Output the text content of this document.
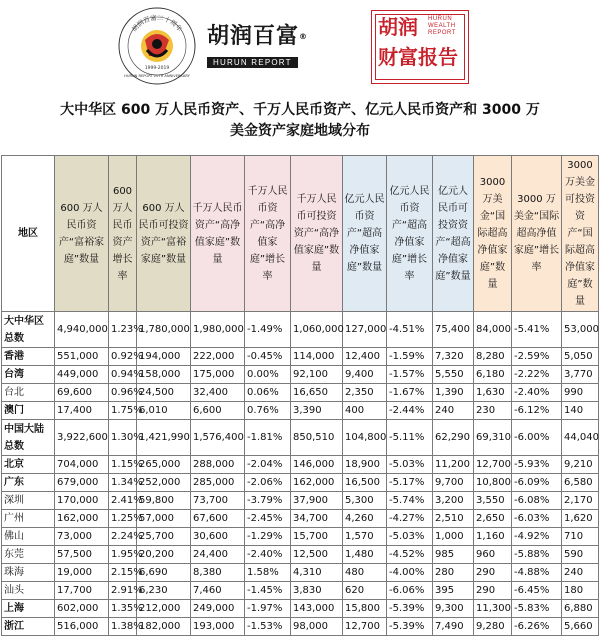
胡润百富二十周年
1999-2019
HURUN REPORT 20TH ANNIVERSARY
胡润百富®
HURUN REPORT
胡润 HURUN WEALTH REPORT
财富报告
大中华区 600 万人民币资产、千万人民币资产、亿元人民币资产和 3000 万美金资产家庭地域分布
地区	600 万人民币资产“富裕家庭”数量	600 万人民币资产增长率	600 万人民币可投资资产“富裕家庭”数量	千万人民币资产“高净值家庭”数量	千万人民币资产“高净值家庭”增长率	千万人民币可投资资产“高净值家庭”数量	亿元人民币资产“超高净值家庭”数量	亿元人民币资产“超高净值家庭”增长率	亿元人民币可投资资产“超高净值家庭”数量	3000 万美金“国际超高净值家庭”数量	3000 万美金“国际超高净值家庭”增长率	3000 万美金可投资资产“国际超高净值家庭”数量
大中华区总数	4,940,000	1.23%	1,780,000	1,980,000	-1.49%	1,060,000	127,000	-4.51%	75,400	84,000	-5.41%	53,000
香港	551,000	0.92%	194,000	222,000	-0.45%	114,000	12,400	-1.59%	7,320	8,280	-2.59%	5,050
台湾	449,000	0.94%	158,000	175,000	0.00%	92,100	9,400	-1.57%	5,550	6,180	-2.22%	3,770
台北	69,600	0.96%	24,500	32,400	0.06%	16,650	2,350	-1.67%	1,390	1,630	-2.40%	990
澳门	17,400	1.75%	6,010	6,600	0.76%	3,390	400	-2.44%	240	230	-6.12%	140
中国大陆总数	3,922,600	1.30%	1,421,990	1,576,400	-1.81%	850,510	104,800	-5.11%	62,290	69,310	-6.00%	44,040
北京	704,000	1.15%	265,000	288,000	-2.04%	146,000	18,900	-5.03%	11,200	12,700	-5.93%	9,210
广东	679,000	1.34%	252,000	285,000	-2.06%	162,000	16,500	-5.17%	9,700	10,800	-6.09%	6,580
深圳	170,000	2.41%	59,800	73,700	-3.79%	37,900	5,300	-5.74%	3,200	3,550	-6.08%	2,170
广州	162,000	1.25%	57,000	67,600	-2.45%	34,700	4,260	-4.27%	2,510	2,650	-6.03%	1,620
佛山	73,000	2.24%	25,700	30,600	-1.29%	15,700	1,570	-5.03%	1,000	1,160	-4.92%	710
东莞	57,500	1.95%	20,200	24,400	-2.40%	12,500	1,480	-4.52%	985	960	-5.88%	590
珠海	19,000	2.15%	6,690	8,380	1.58%	4,310	480	-4.00%	280	290	-4.88%	240
汕头	17,700	2.91%	6,230	7,460	-1.45%	3,830	620	-6.06%	395	290	-6.45%	180
上海	602,000	1.35%	212,000	249,000	-1.97%	143,000	15,800	-5.39%	9,300	11,300	-5.83%	6,880
浙江	516,000	1.38%	182,000	193,000	-1.53%	98,000	12,700	-5.39%	7,490	9,280	-6.26%	5,660
